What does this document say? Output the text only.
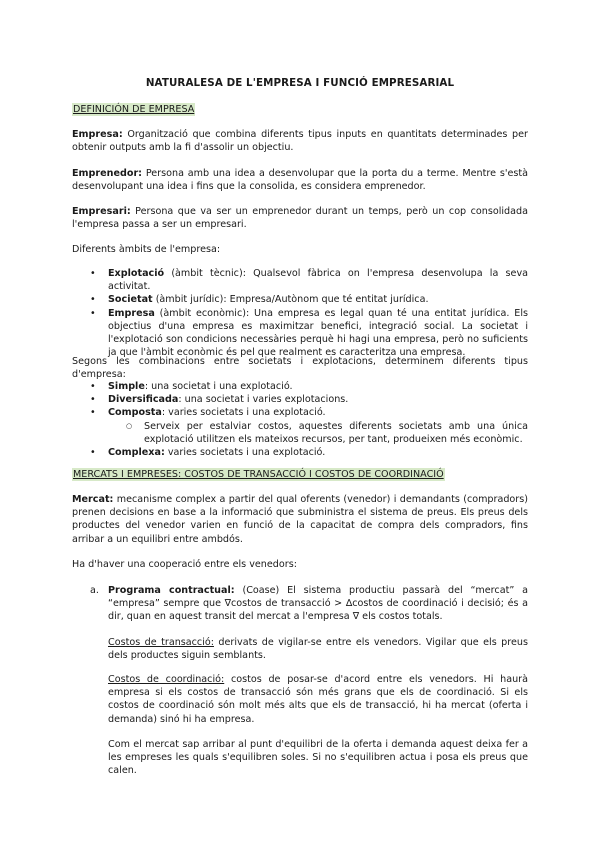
NATURALESA DE L'EMPRESA I FUNCIÓ EMPRESARIAL
DEFINICIÓN DE EMPRESA
Empresa: Organització que combina diferents tipus inputs en quantitats determinades per obtenir outputs amb la fi d'assolir un objectiu.
Emprenedor: Persona amb una idea a desenvolupar que la porta du a terme. Mentre s'està desenvolupant una idea i fins que la consolida, es considera emprenedor.
Empresari: Persona que va ser un emprenedor durant un temps, però un cop consolidada l'empresa passa a ser un empresari.
Diferents àmbits de l'empresa:
• Explotació (àmbit tècnic): Qualsevol fàbrica on l'empresa desenvolupa la seva activitat.
• Societat (àmbit jurídic): Empresa/Autònom que té entitat jurídica.
• Empresa (àmbit econòmic): Una empresa es legal quan té una entitat jurídica. Els objectius d'una empresa es maximitzar benefici, integració social. La societat i l'explotació son condicions necessàries perquè hi hagi una empresa, però no suficients ja que l'àmbit econòmic és pel que realment es caracteritza una empresa.
Segons les combinacions entre societats i explotacions, determinem diferents tipus d'empresa:
• Simple: una societat i una explotació.
• Diversificada: una societat i varies explotacions.
• Composta: varies societats i una explotació.
○ Serveix per estalviar costos, aquestes diferents societats amb una única explotació utilitzen els mateixos recursos, per tant, produeixen més econòmic.
• Complexa: varies societats i una explotació.
MERCATS I EMPRESES: COSTOS DE TRANSACCIÓ I COSTOS DE COORDINACIÓ
Mercat: mecanisme complex a partir del qual oferents (venedor) i demandants (compradors) prenen decisions en base a la informació que subministra el sistema de preus. Els preus dels productes del venedor varien en funció de la capacitat de compra dels compradors, fins arribar a un equilibri entre ambdós.
Ha d'haver una cooperació entre els venedors:
a. Programa contractual: (Coase) El sistema productiu passarà del “mercat” a “empresa” sempre que ∇costos de transacció > ∆costos de coordinació i decisió; és a dir, quan en aquest transit del mercat a l'empresa ∇ els costos totals.
Costos de transacció: derivats de vigilar-se entre els venedors. Vigilar que els preus dels productes siguin semblants.
Costos de coordinació: costos de posar-se d'acord entre els venedors. Hi haurà empresa si els costos de transacció són més grans que els de coordinació. Si els costos de coordinació són molt més alts que els de transacció, hi ha mercat (oferta i demanda) sinó hi ha empresa.
Com el mercat sap arribar al punt d'equilibri de la oferta i demanda aquest deixa fer a les empreses les quals s'equilibren soles. Si no s'equilibren actua i posa els preus que calen.
